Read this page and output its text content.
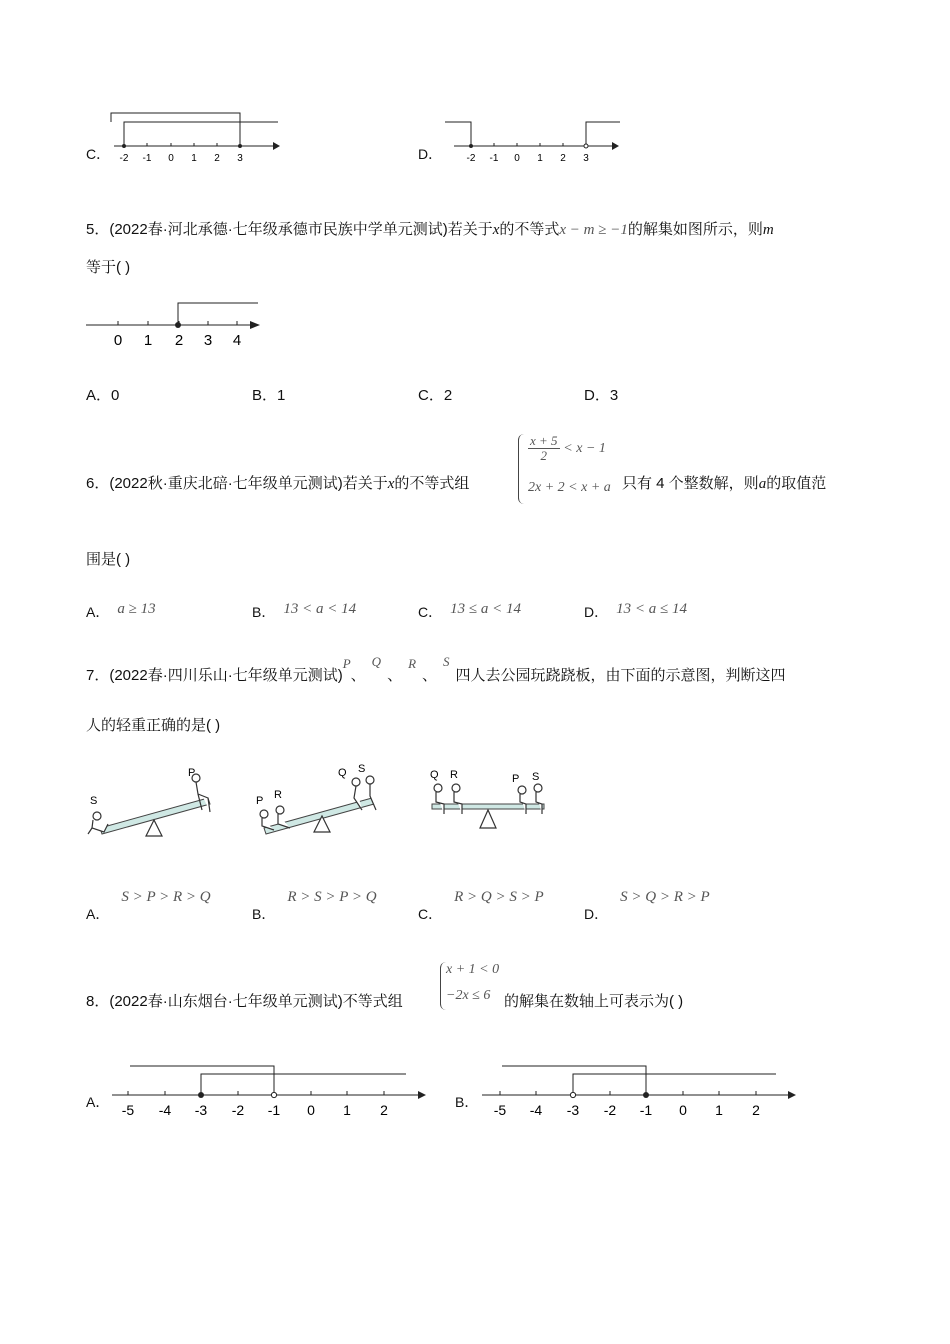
C． -2 -1 0 1 2 3	D． -2 -1 0 1 2 3
5．(2022春·河北承德·七年级承德市民族中学单元测试)若关于x的不等式x − m ≥ −1的解集如图所示，则m
等于( )
0 1 2 3 4
A．0	B．1	C．2	D．3
6．(2022秋·重庆北碚·七年级单元测试)若关于x的不等式组
$\frac{x + 5}{2} < x - 1$
2x + 2 < x + a 只有 4 个整数解，则a的取值范
围是( )
A． a ≥ 13	B． 13 < a < 14	C． 13 ≤ a < 14	D． 13 < a ≤ 14
7．(2022春·四川乐山·七年级单元测试)P、Q、R、S四人去公园玩跷跷板，由下面的示意图，判断这四
人的轻重正确的是( )
S
P
P R
Q S	Q R	P S
A．S > P > R > Q
B．R > S > P > Q
C．R > Q > S > P
D．S > Q > R > P
8．(2022春·山东烟台·七年级单元测试)不等式组
x + 1 < 0
−2x ≤ 6 的解集在数轴上可表示为( )
A． -5 -4 -3 -2 -1 0 1 2	B． -5 -4 -3 -2 -1 0 1 2
